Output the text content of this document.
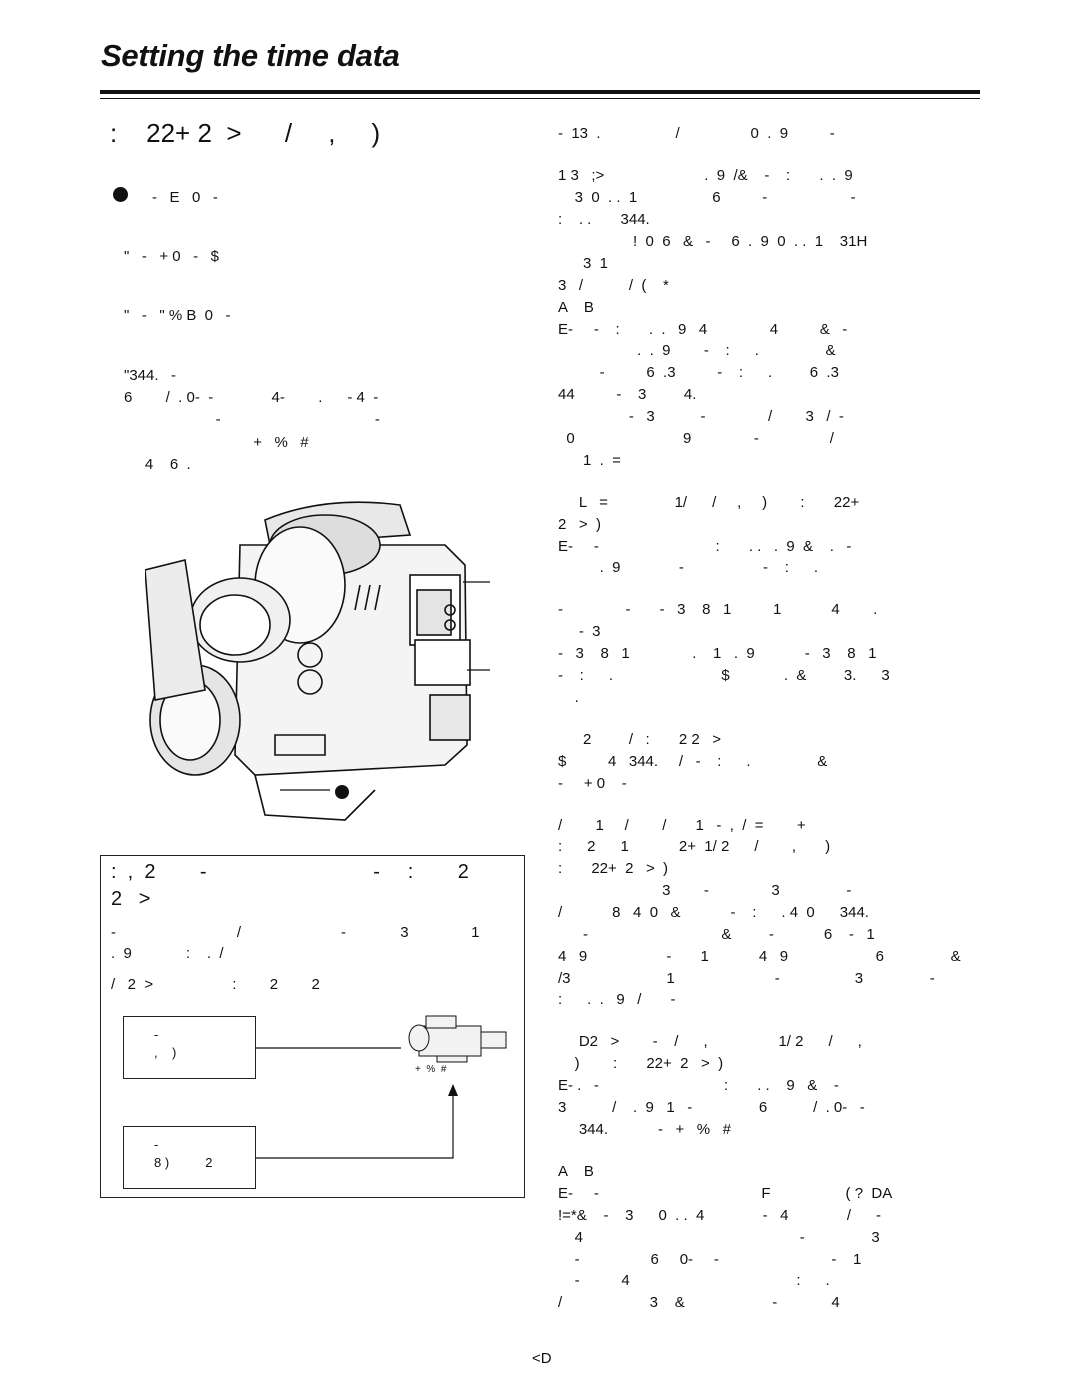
Setting the time data
:    22+ 2  >      /     ,     )
-   E   0   -
"   -   + 0   -   $
"   -   " % B  0   -
"344.   -
6        /  . 0-  -              4-        .      - 4  -
-                                     -
+   %   #
4    6  .
:  ,  2        -                              -     :        2
2   >
-                             /                        -             3               1
.  9             :    .  /
/   2  >                   :        2        2
-
,    )
-
8 )          2
+  %  #
-  13  .                  /                 0  .  9          -
1 3   ;>                        .  9  /&    -    :       .  .  9
3  0  . .  1                  6          -                    -
:    . .       344.
!  0  6   &   -     6  .  9  0  . .  1    31H
3  1
3   /           /  (    *
A    B
E-     -    :       .  .   9   4               4          &   -
.  .  9        -    :      .                &
-          6  .3          -    :      .         6  .3
44          -    3         4.
-   3           -               /        3   /  -
0                          9               -                 /
1  .  =
L   =                1/      /     ,     )        :       22+
2   >  )
E-     -                            :       . .   .  9  &    .   -
.  9              -                   -    :      .
-               -       -   3    8   1          1            4        .
-  3
-   3    8   1               .    1   .  9            -   3    8   1
-    :      .                          $             .  &         3.      3
.
2         /   :       2 2   >
$          4   344.     /   -    :      .                &
-     + 0    -
/        1     /        /       1   -  ,  /  =        +
:      2      1            2+  1/ 2      /        ,       )
:       22+  2   >  )
3        -               3                -
/            8   4  0   &            -    :      . 4  0      344.
-                                &         -            6    -   1
4   9                   -       1            4   9                     6                &
/3                       1                        -                  3                -
:      .  .   9   /       -
D2   >        -    /      ,                 1/ 2      /      ,
)        :       22+  2   >  )
E- .   -                              :       . .    9   &    -
3           /    .  9   1   -                6           /  . 0-   -
344.            -   +   %   #
A    B
E-     -                                       F                  ( ?  DA
!=*&    -    3      0  . .  4              -   4              /      -
4                                                    -                3
-                 6     0-     -                           -    1
-          4                                        :      .
/                     3    &                     -             4
<D
